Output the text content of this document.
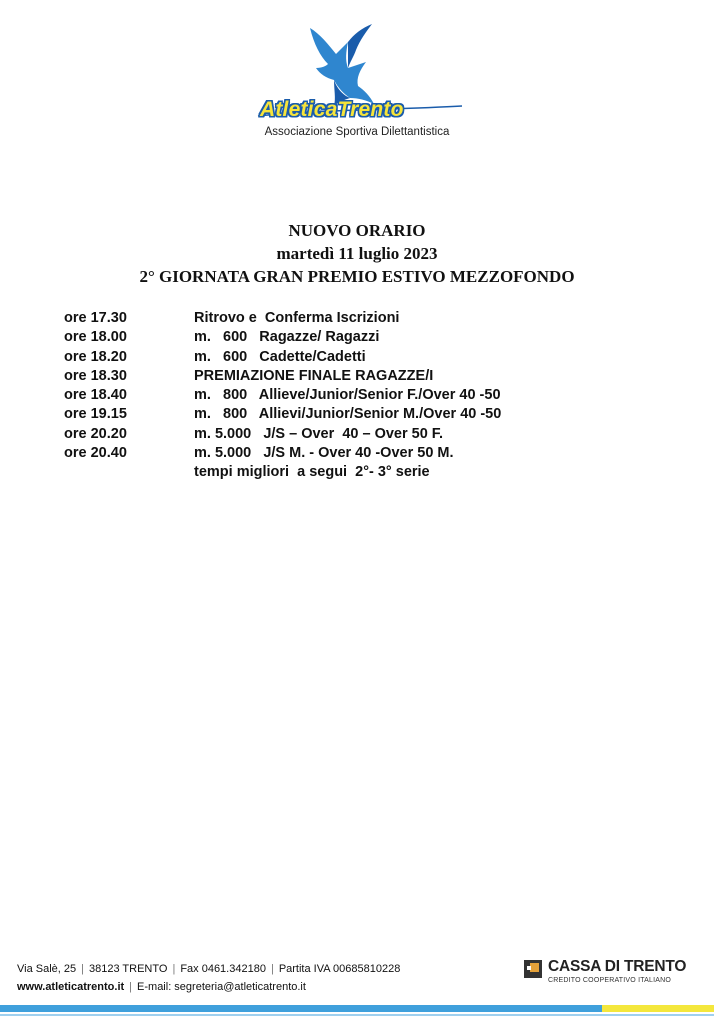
AtleticaTrento
Associazione Sportiva Dilettantistica
NUOVO ORARIO
martedì 11 luglio 2023
2° GIORNATA GRAN PREMIO ESTIVO MEZZOFONDO
ore 17.30	Ritrovo e  Conferma Iscrizioni
ore 18.00	m.   600   Ragazze/ Ragazzi
ore 18.20	m.   600   Cadette/Cadetti
ore 18.30	PREMIAZIONE FINALE RAGAZZE/I
ore 18.40	m.   800   Allieve/Junior/Senior F./Over 40 -50
ore 19.15	m.   800   Allievi/Junior/Senior M./Over 40 -50
ore 20.20	m. 5.000   J/S – Over  40 – Over 50 F.
ore 20.40	m. 5.000   J/S M. - Over 40 -Over 50 M.
tempi migliori  a segui  2°- 3° serie
Via Salè, 25 | 38123 TRENTO | Fax 0461.342180 | Partita IVA 00685810228
www.atleticatrento.it | E-mail: segreteria@atleticatrento.it
CASSA DI TRENTO
CREDITO COOPERATIVO ITALIANO
